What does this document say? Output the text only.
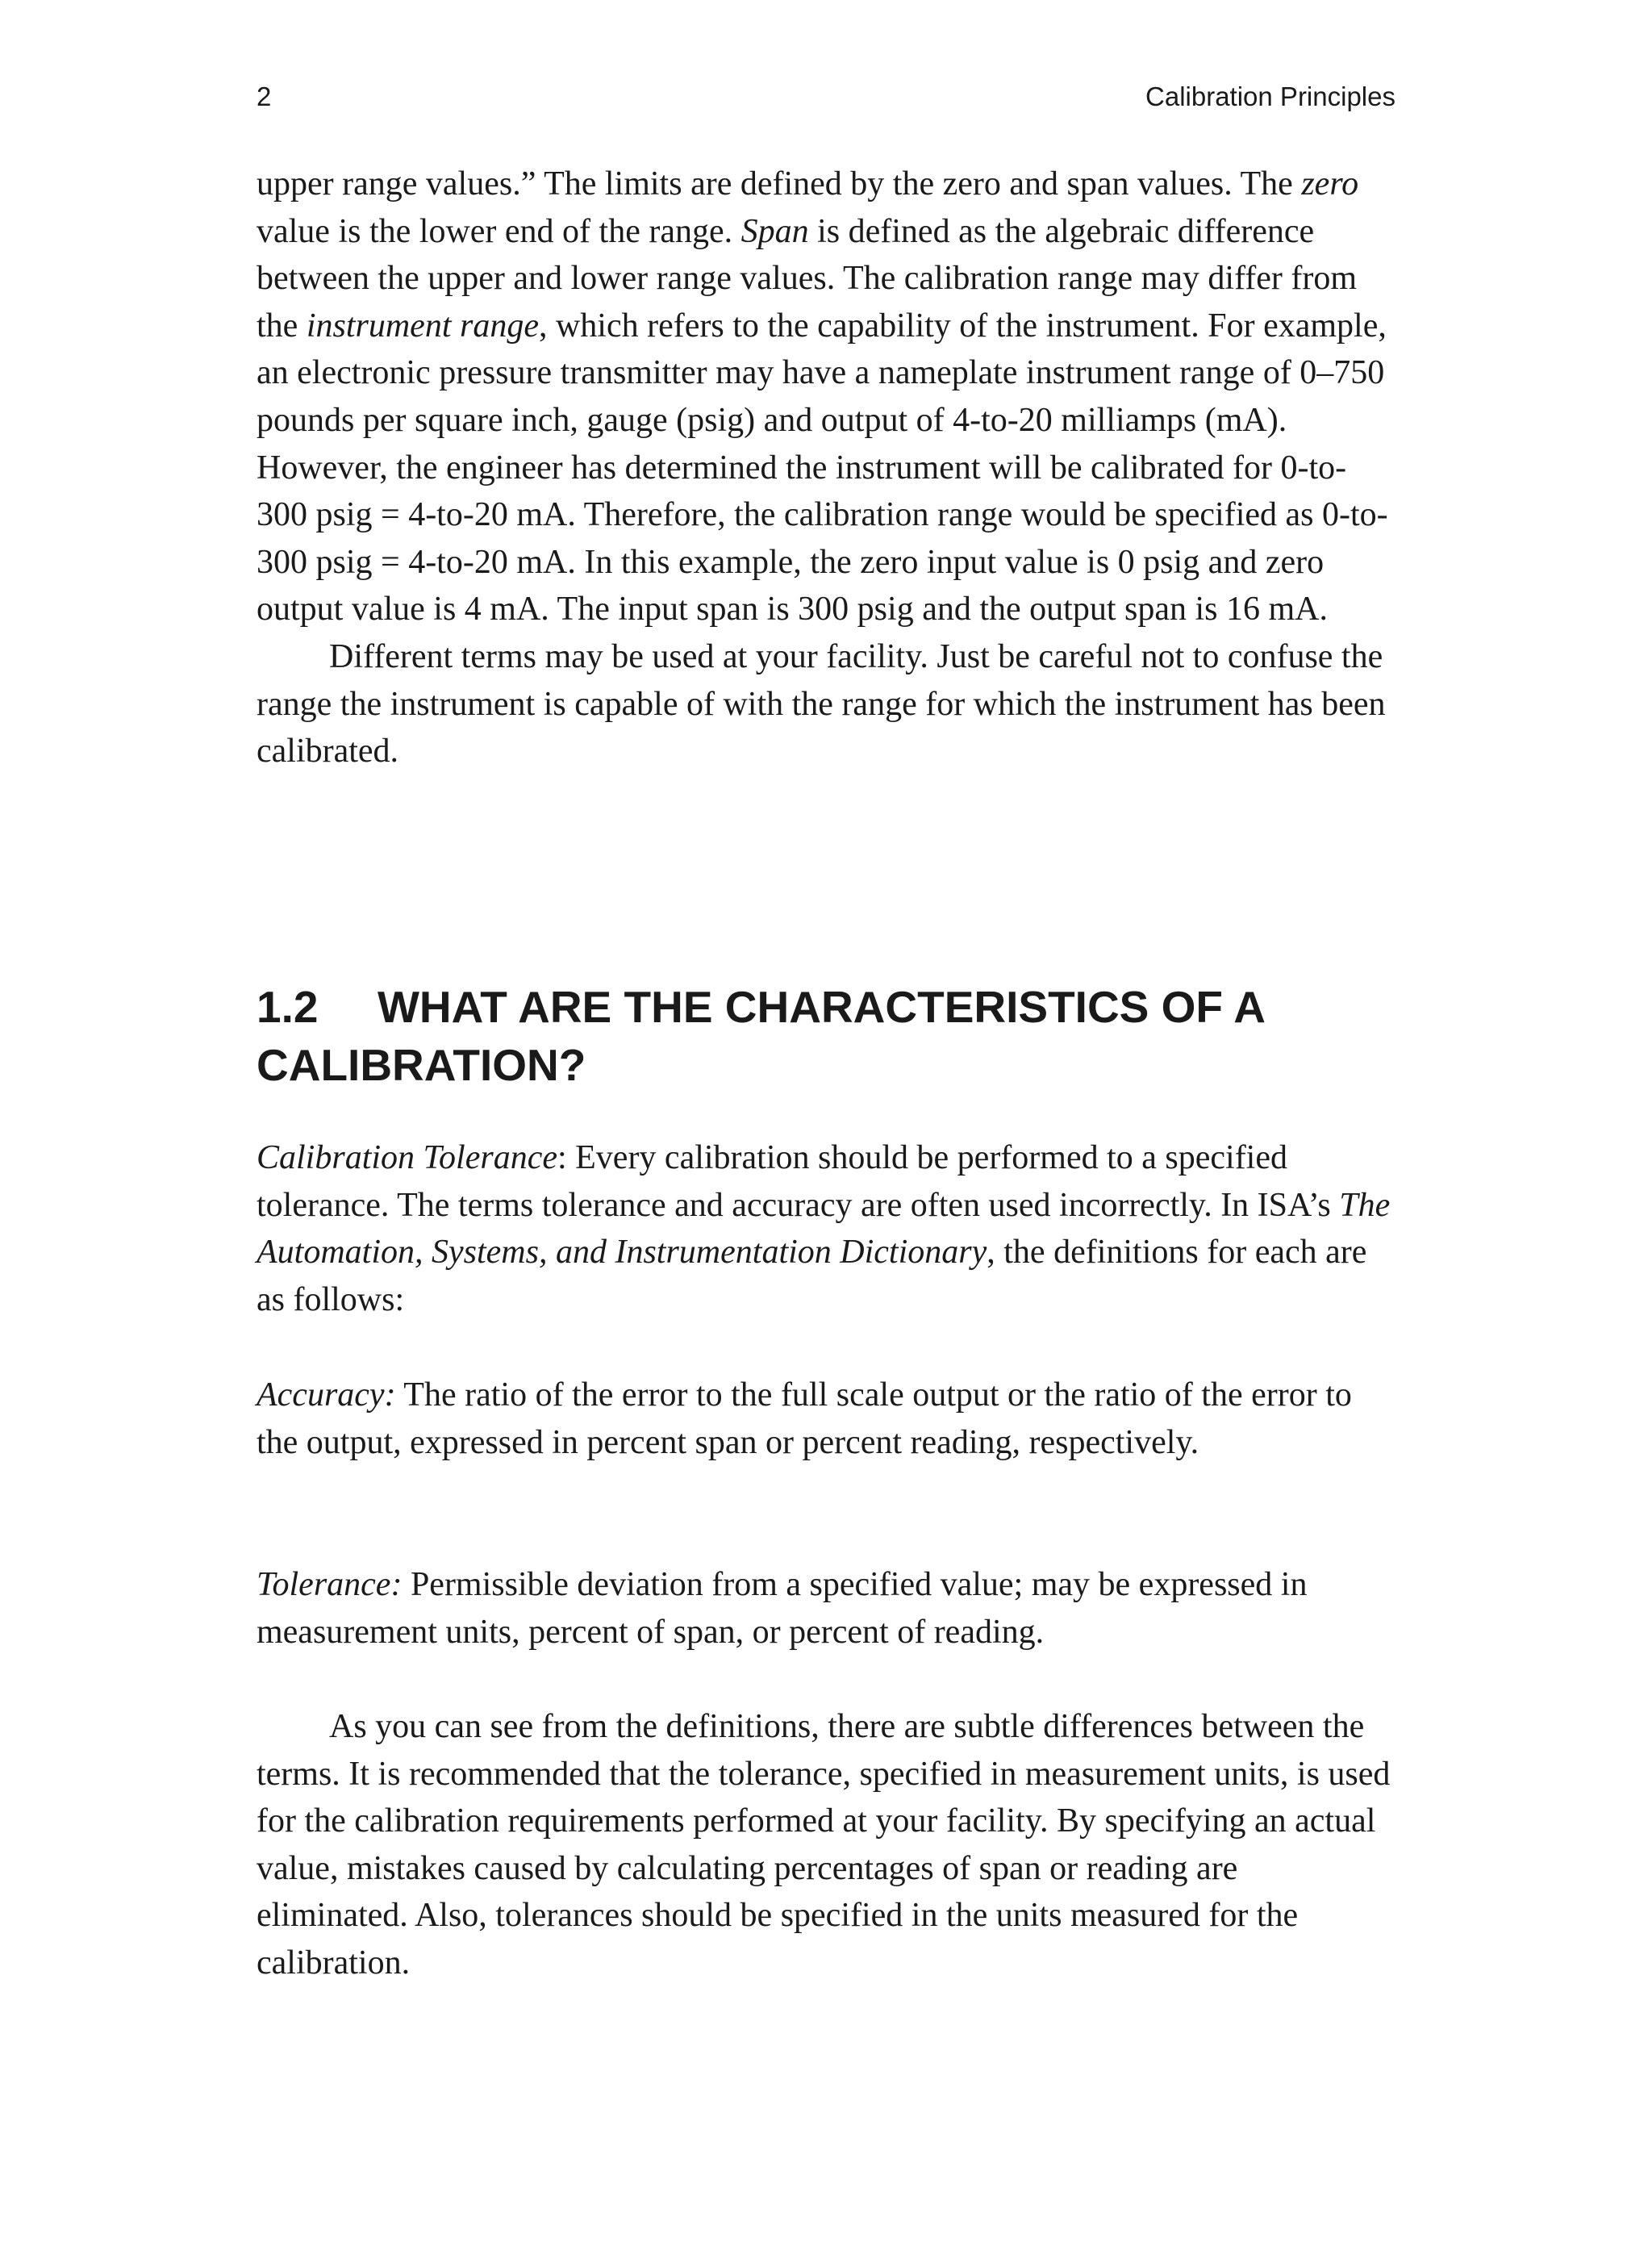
2	Calibration Principles

upper range values.” The limits are defined by the zero and span values. The zero value is the lower end of the range. Span is defined as the algebraic difference between the upper and lower range values. The calibration range may differ from the instrument range, which refers to the capability of the instrument. For example, an electronic pressure transmitter may have a nameplate instrument range of 0–750 pounds per square inch, gauge (psig) and output of 4-to-20 milliamps (mA). However, the engineer has determined the instrument will be calibrated for 0-to-300 psig = 4-to-20 mA. Therefore, the calibration range would be specified as 0-to-300 psig = 4-to-20 mA. In this example, the zero input value is 0 psig and zero output value is 4 mA. The input span is 300 psig and the output span is 16 mA.

Different terms may be used at your facility. Just be careful not to confuse the range the instrument is capable of with the range for which the instrument has been calibrated.

1.2 WHAT ARE THE CHARACTERISTICS OF A CALIBRATION?

Calibration Tolerance: Every calibration should be performed to a specified tolerance. The terms tolerance and accuracy are often used incorrectly. In ISA’s The Automation, Systems, and Instrumentation Dictionary, the definitions for each are as follows:

Accuracy: The ratio of the error to the full scale output or the ratio of the error to the output, expressed in percent span or percent reading, respectively.

Tolerance: Permissible deviation from a specified value; may be expressed in measurement units, percent of span, or percent of reading.

As you can see from the definitions, there are subtle differences between the terms. It is recommended that the tolerance, specified in measurement units, is used for the calibration requirements performed at your facility. By specifying an actual value, mistakes caused by calculating percentages of span or reading are eliminated. Also, tolerances should be specified in the units measured for the calibration.
